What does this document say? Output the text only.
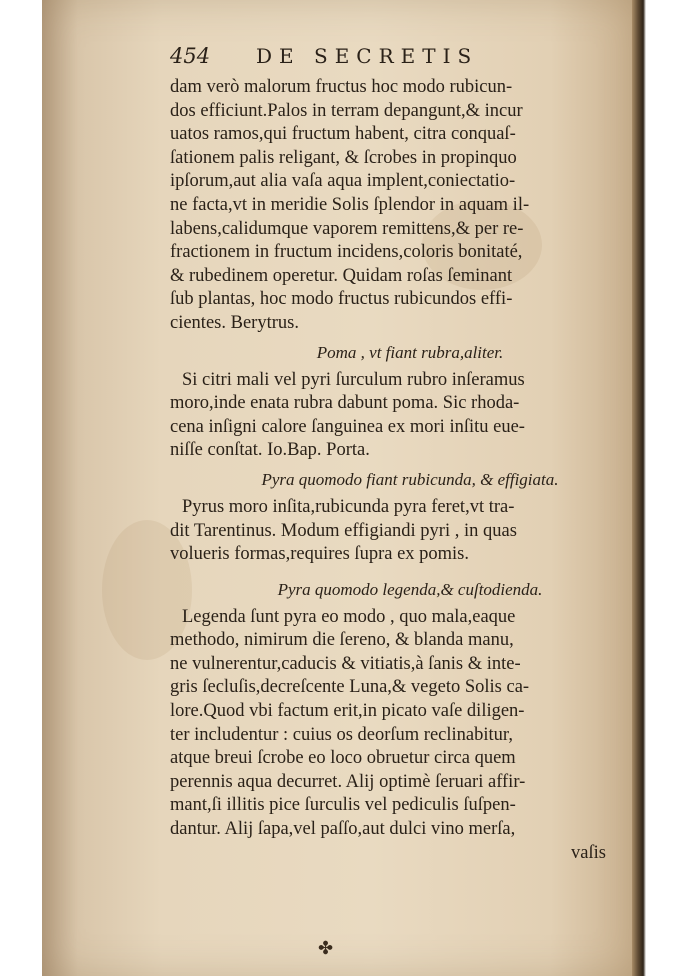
454 DE SECRETIS
dam verò malorum fructus hoc modo rubicun-
dos efficiunt.Palos in terram depangunt,& incur
uatos ramos,qui fructum habent, citra conquaſ-
ſationem palis religant, & ſcrobes in propinquo
ipſorum,aut alia vaſa aqua implent,coniectatio-
ne facta,vt in meridie Solis ſplendor in aquam il-
labens,calidumque vaporem remittens,& per re-
fractionem in fructum incidens,coloris bonitaté,
& rubedinem operetur. Quidam roſas ſeminant
ſub plantas, hoc modo fructus rubicundos effi-
cientes. Berytrus.
Poma , vt fiant rubra,aliter.
Si citri mali vel pyri ſurculum rubro inſeramus
moro,inde enata rubra dabunt poma. Sic rhoda-
cena inſigni calore ſanguinea ex mori inſitu eue-
niſſe conſtat. Io.Bap. Porta.
Pyra quomodo fiant rubicunda, & effigiata.
Pyrus moro inſita,rubicunda pyra feret,vt tra-
dit Tarentinus. Modum effigiandi pyri , in quas
volueris formas,requires ſupra ex pomis.
Pyra quomodo legenda,& cuſtodienda.
Legenda ſunt pyra eo modo , quo mala,eaque
methodo, nimirum die ſereno, & blanda manu,
ne vulnerentur,caducis & vitiatis,à ſanis & inte-
gris ſecluſis,decreſcente Luna,& vegeto Solis ca-
lore.Quod vbi factum erit,in picato vaſe diligen-
ter includentur : cuius os deorſum reclinabitur,
atque breui ſcrobe eo loco obruetur circa quem
perennis aqua decurret. Alij optimè ſeruari affir-
mant,ſi illitis pice ſurculis vel pediculis ſuſpen-
dantur. Alij ſapa,vel paſſo,aut dulci vino merſa,
vaſis
✤
